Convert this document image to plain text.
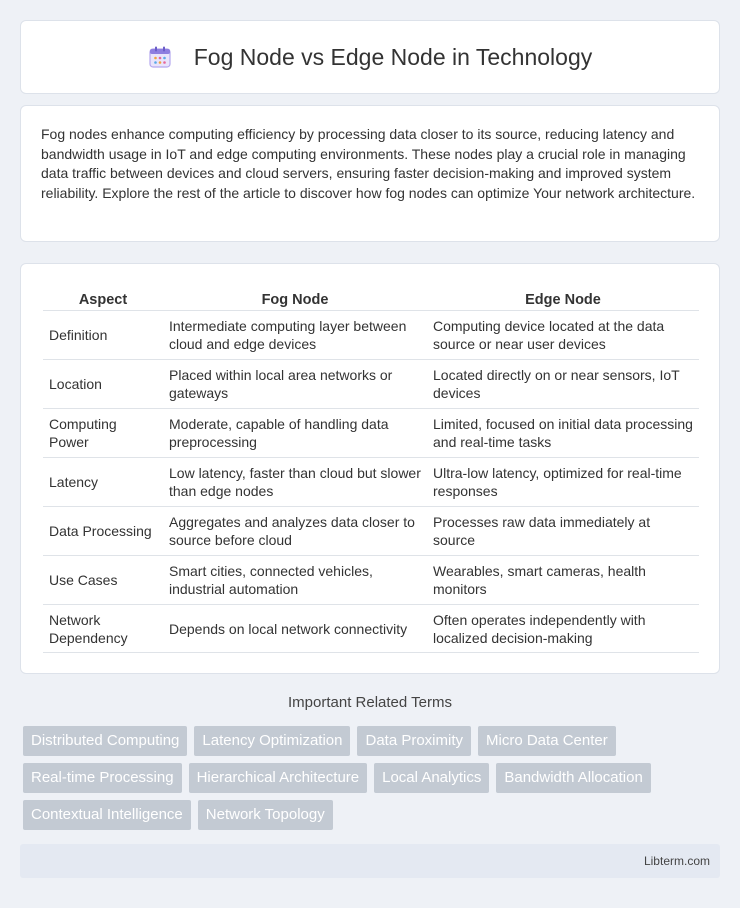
Fog Node vs Edge Node in Technology

Fog nodes enhance computing efficiency by processing data closer to its source, reducing latency and bandwidth usage in IoT and edge computing environments. These nodes play a crucial role in managing data traffic between devices and cloud servers, ensuring faster decision-making and improved system reliability. Explore the rest of the article to discover how fog nodes can optimize Your network architecture.

Aspect	Fog Node	Edge Node
Definition	Intermediate computing layer between cloud and edge devices	Computing device located at the data source or near user devices
Location	Placed within local area networks or gateways	Located directly on or near sensors, IoT devices
Computing Power	Moderate, capable of handling data preprocessing	Limited, focused on initial data processing and real-time tasks
Latency	Low latency, faster than cloud but slower than edge nodes	Ultra-low latency, optimized for real-time responses
Data Processing	Aggregates and analyzes data closer to source before cloud	Processes raw data immediately at source
Use Cases	Smart cities, connected vehicles, industrial automation	Wearables, smart cameras, health monitors
Network Dependency	Depends on local network connectivity	Often operates independently with localized decision-making
Important Related Terms
Distributed Computing	Latency Optimization	Data Proximity	Micro Data Center
Real-time Processing	Hierarchical Architecture	Local Analytics	Bandwidth Allocation
Contextual Intelligence	Network Topology
Libterm.com
